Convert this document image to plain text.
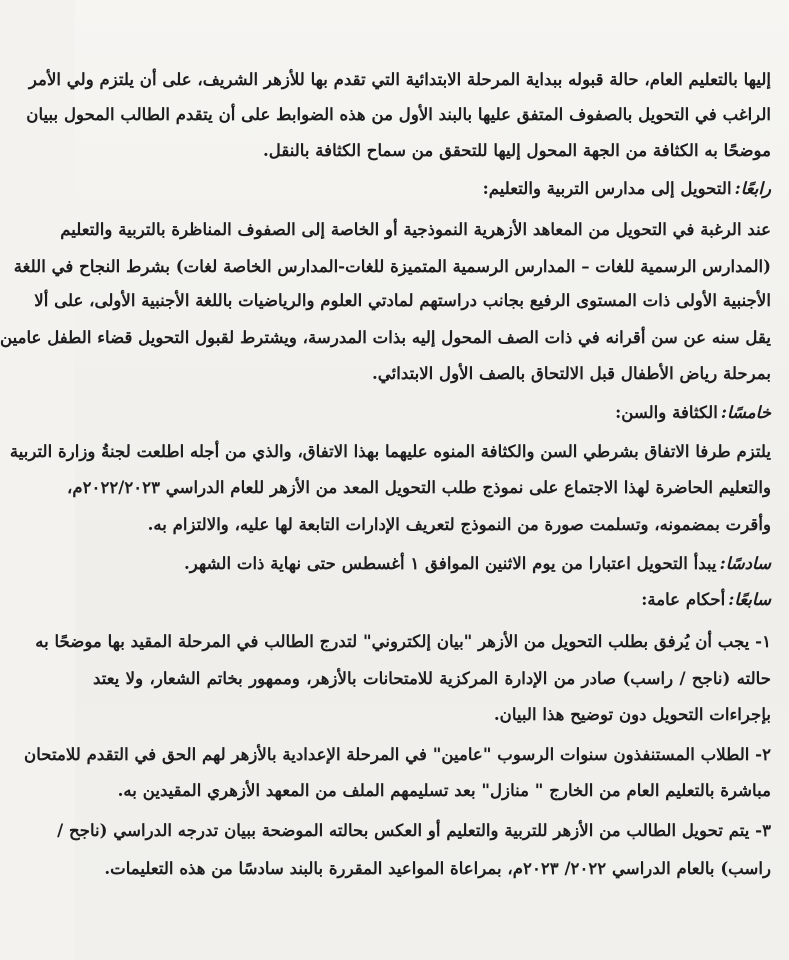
إليها بالتعليم العام، حالة قبوله ببداية المرحلة الابتدائية التي تقدم بها للأزهر الشريف، على أن يلتزم ولي الأمر
الراغب في التحويل بالصفوف المتفق عليها بالبند الأول من هذه الضوابط على أن يتقدم الطالب المحول ببيان
موضحًا به الكثافة من الجهة المحول إليها للتحقق من سماح الكثافة بالنقل.
رابعًا:التحويل إلى مدارس التربية والتعليم:
عند الرغبة في التحويل من المعاهد الأزهرية النموذجية أو الخاصة إلى الصفوف المناظرة بالتربية والتعليم
(المدارس الرسمية للغات – المدارس الرسمية المتميزة للغات-المدارس الخاصة لغات) بشرط النجاح في اللغة
الأجنبية الأولى ذات المستوى الرفيع بجانب دراستهم لمادتي العلوم والرياضيات باللغة الأجنبية الأولى، على ألا
يقل سنه عن سن أقرانه في ذات الصف المحول إليه بذات المدرسة، ويشترط لقبول التحويل قضاء الطفل عامين
بمرحلة رياض الأطفال قبل الالتحاق بالصف الأول الابتدائي.
خامسًا:الكثافة والسن:
يلتزم طرفا الاتفاق بشرطي السن والكثافة المنوه عليهما بهذا الاتفاق، والذي من أجله اطلعت لجنةُ وزارة التربية
والتعليم الحاضرة لهذا الاجتماع على نموذج طلب التحويل المعد من الأزهر للعام الدراسي ٢٠٢٢/٢٠٢٣م،
وأقرت بمضمونه، وتسلمت صورة من النموذج لتعريف الإدارات التابعة لها عليه، والالتزام به.
سادسًا:يبدأ التحويل اعتبارا من يوم الاثنين الموافق ١ أغسطس حتى نهاية ذات الشهر.
سابعًا:أحكام عامة:
١- يجب أن يُرفق بطلب التحويل من الأزهر "بيان إلكتروني" لتدرج الطالب في المرحلة المقيد بها موضحًا به
حالته (ناجح / راسب) صادر من الإدارة المركزية للامتحانات بالأزهر، وممهور بخاتم الشعار، ولا يعتد
بإجراءات التحويل دون توضيح هذا البيان.
٢- الطلاب المستنفذون سنوات الرسوب "عامين" في المرحلة الإعدادية بالأزهر لهم الحق في التقدم للامتحان
مباشرة بالتعليم العام من الخارج " منازل" بعد تسليمهم الملف من المعهد الأزهري المقيدين به.
٣- يتم تحويل الطالب من الأزهر للتربية والتعليم أو العكس بحالته الموضحة ببيان تدرجه الدراسي (ناجح /
راسب) بالعام الدراسي ٢٠٢٢/ ٢٠٢٣م، بمراعاة المواعيد المقررة بالبند سادسًا من هذه التعليمات.
